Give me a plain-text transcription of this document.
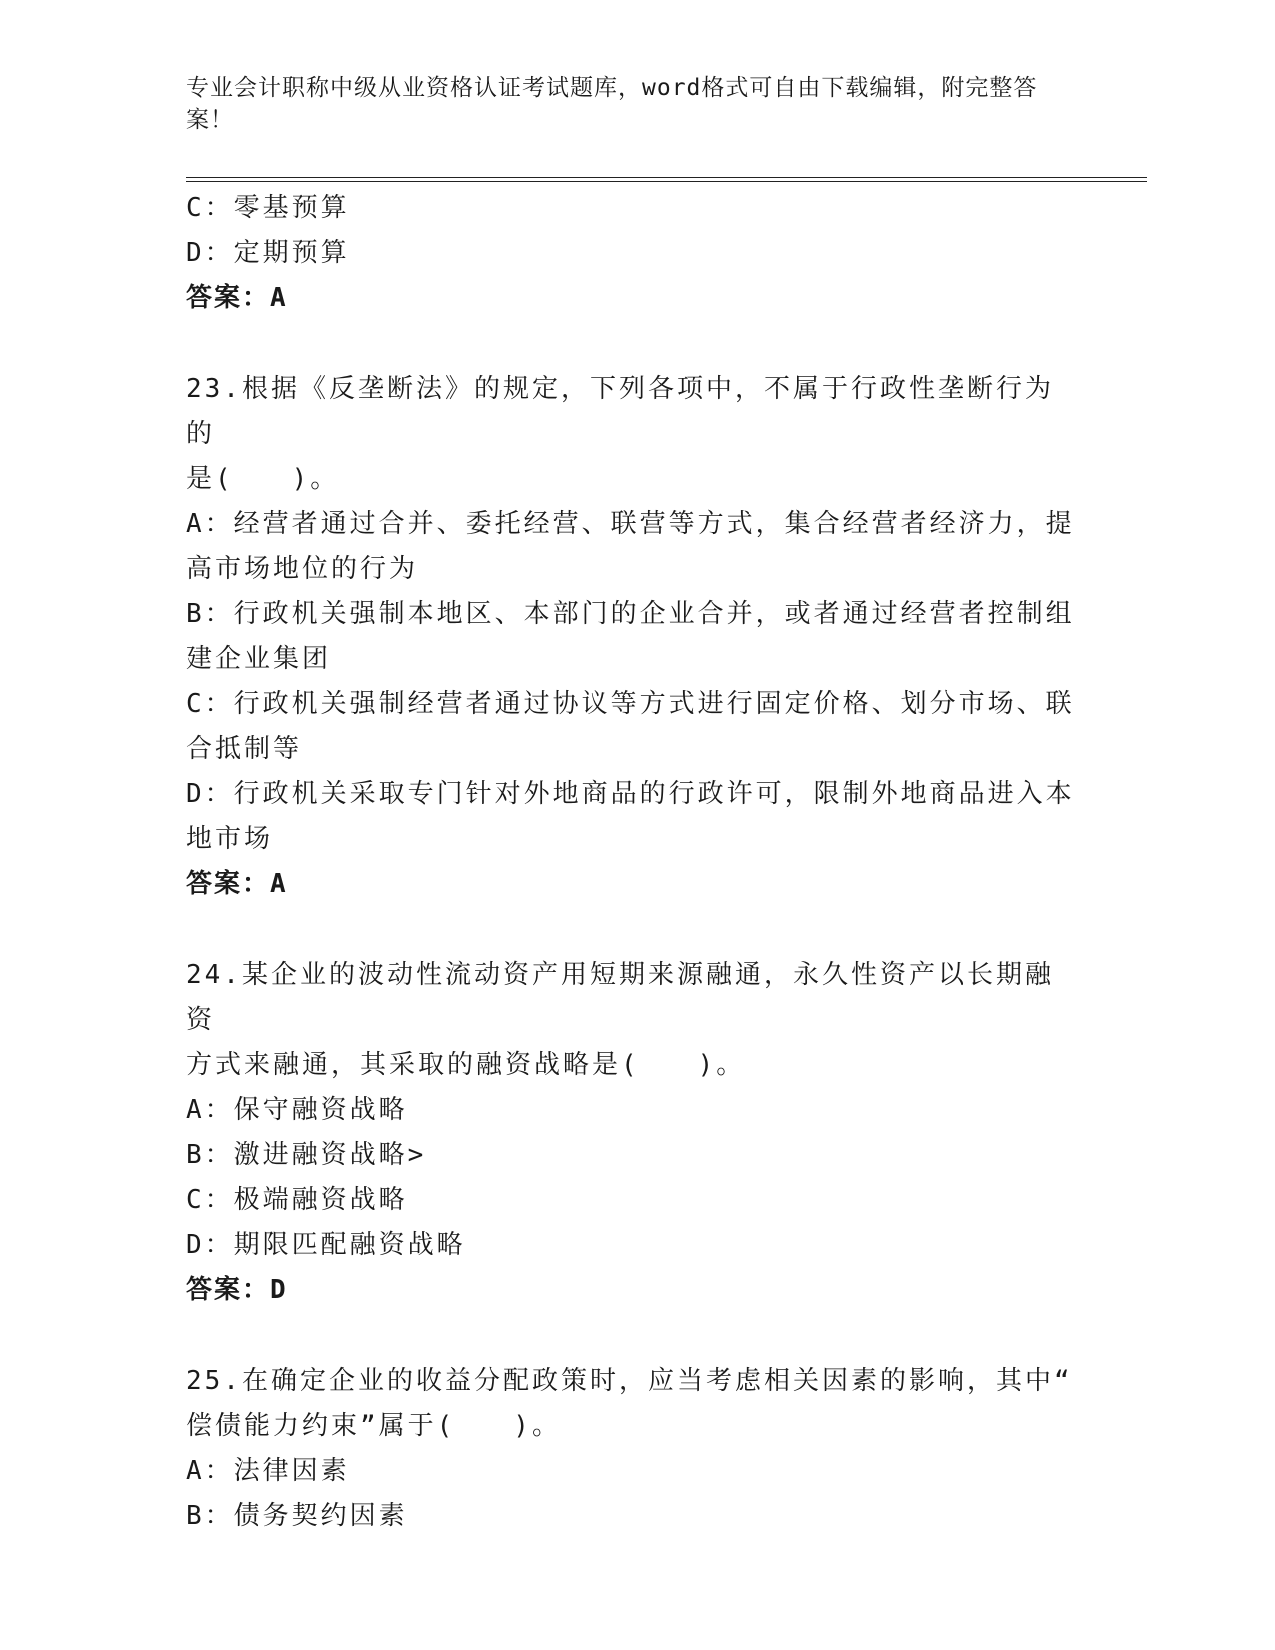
专业会计职称中级从业资格认证考试题库，word格式可自由下载编辑，附完整答
案！
C：零基预算
D：定期预算
答案：A
23.根据《反垄断法》的规定，下列各项中，不属于行政性垄断行为的
是(　　)。
A：经营者通过合并、委托经营、联营等方式，集合经营者经济力，提
高市场地位的行为
B：行政机关强制本地区、本部门的企业合并，或者通过经营者控制组
建企业集团
C：行政机关强制经营者通过协议等方式进行固定价格、划分市场、联
合抵制等
D：行政机关采取专门针对外地商品的行政许可，限制外地商品进入本
地市场
答案：A
24.某企业的波动性流动资产用短期来源融通，永久性资产以长期融资
方式来融通，其采取的融资战略是(　　)。
A：保守融资战略
B：激进融资战略>
C：极端融资战略
D：期限匹配融资战略
答案：D
25.在确定企业的收益分配政策时，应当考虑相关因素的影响，其中“
偿债能力约束”属于(　　)。
A：法律因素
B：债务契约因素
